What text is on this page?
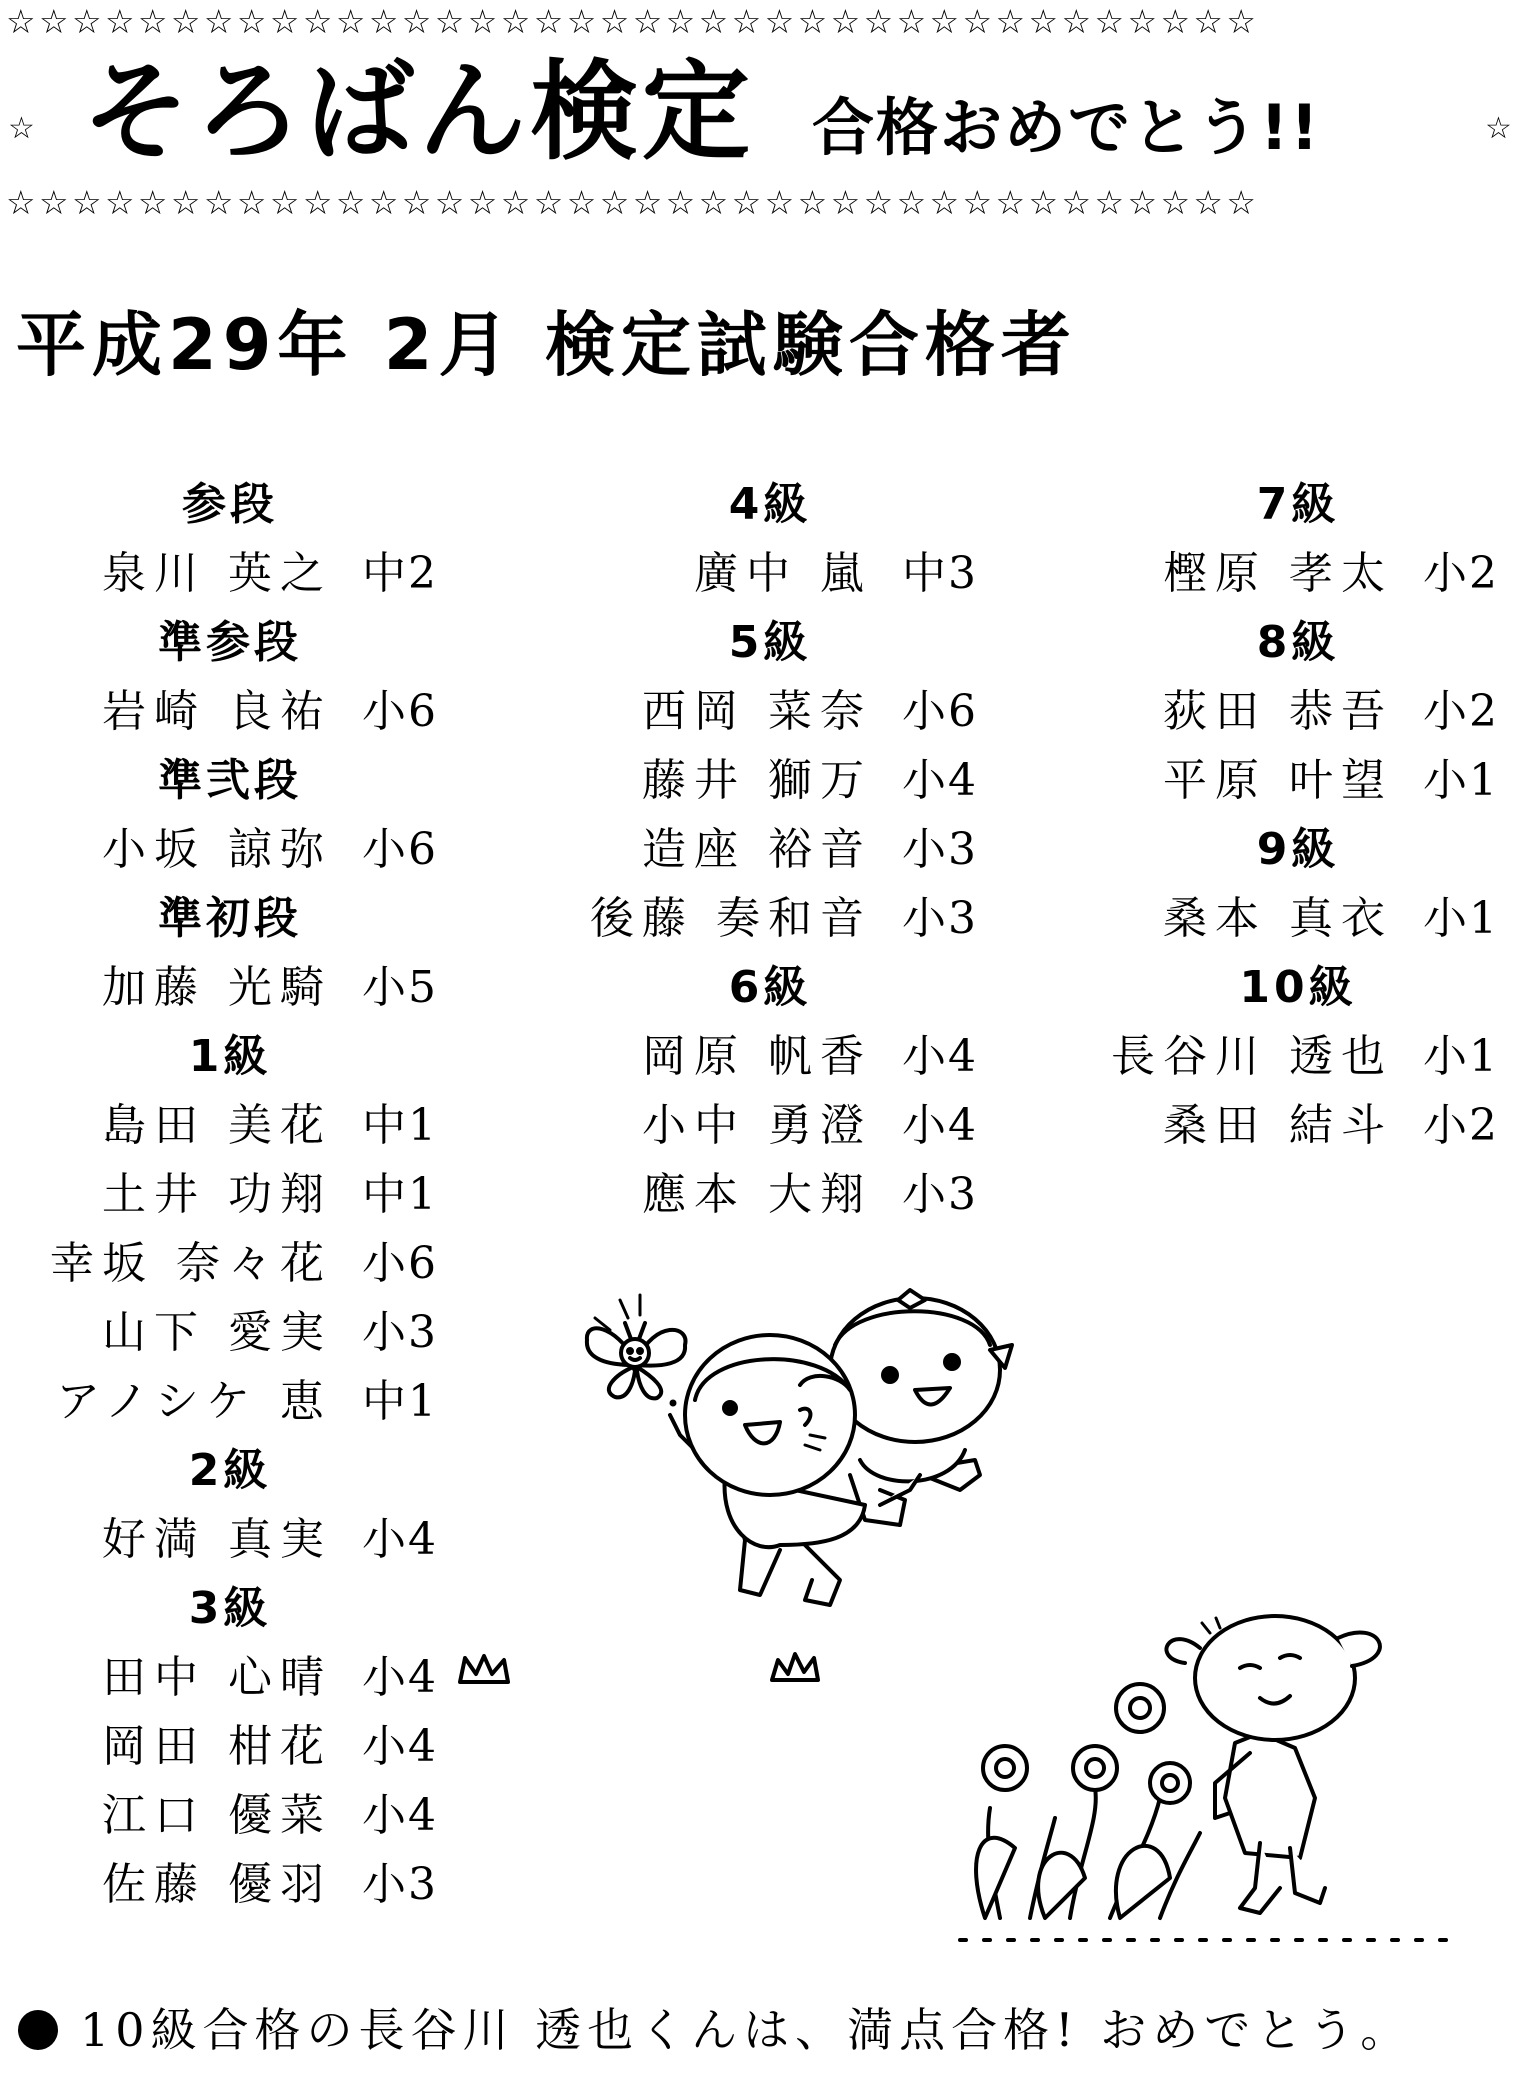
☆☆☆☆☆☆☆☆☆☆☆☆☆☆☆☆☆☆☆☆☆☆☆☆☆☆☆☆☆☆☆☆☆☆☆☆☆☆
☆ そろばん検定 合格おめでとう!!	☆
☆☆☆☆☆☆☆☆☆☆☆☆☆☆☆☆☆☆☆☆☆☆☆☆☆☆☆☆☆☆☆☆☆☆☆☆☆☆
平成29年 2月 検定試験合格者
参段
泉川 英之 中2
準参段
岩崎 良祐 小6
準弐段
小坂 諒弥 小6
準初段
加藤 光騎 小5
1級
島田 美花 中1
土井 功翔 中1
幸坂 奈々花 小6
山下 愛実 小3
アノシケ 恵 中1
2級
好満 真実 小4
3級
田中 心晴 小4
岡田 柑花 小4
江口 優菜 小4
佐藤 優羽 小3
4級
廣中 嵐 中3
5級
西岡 菜奈 小6
藤井 獅万 小4
造座 裕音 小3
後藤 奏和音 小3
6級
岡原 帆香 小4
小中 勇澄 小4
應本 大翔 小3
7級
樫原 孝太 小2
8級
荻田 恭吾 小2
平原 叶望 小1
9級
桑本 真衣 小1
10級
長谷川 透也 小1
桑田 結斗 小2
10級合格の長谷川 透也くんは、満点合格! おめでとう。
